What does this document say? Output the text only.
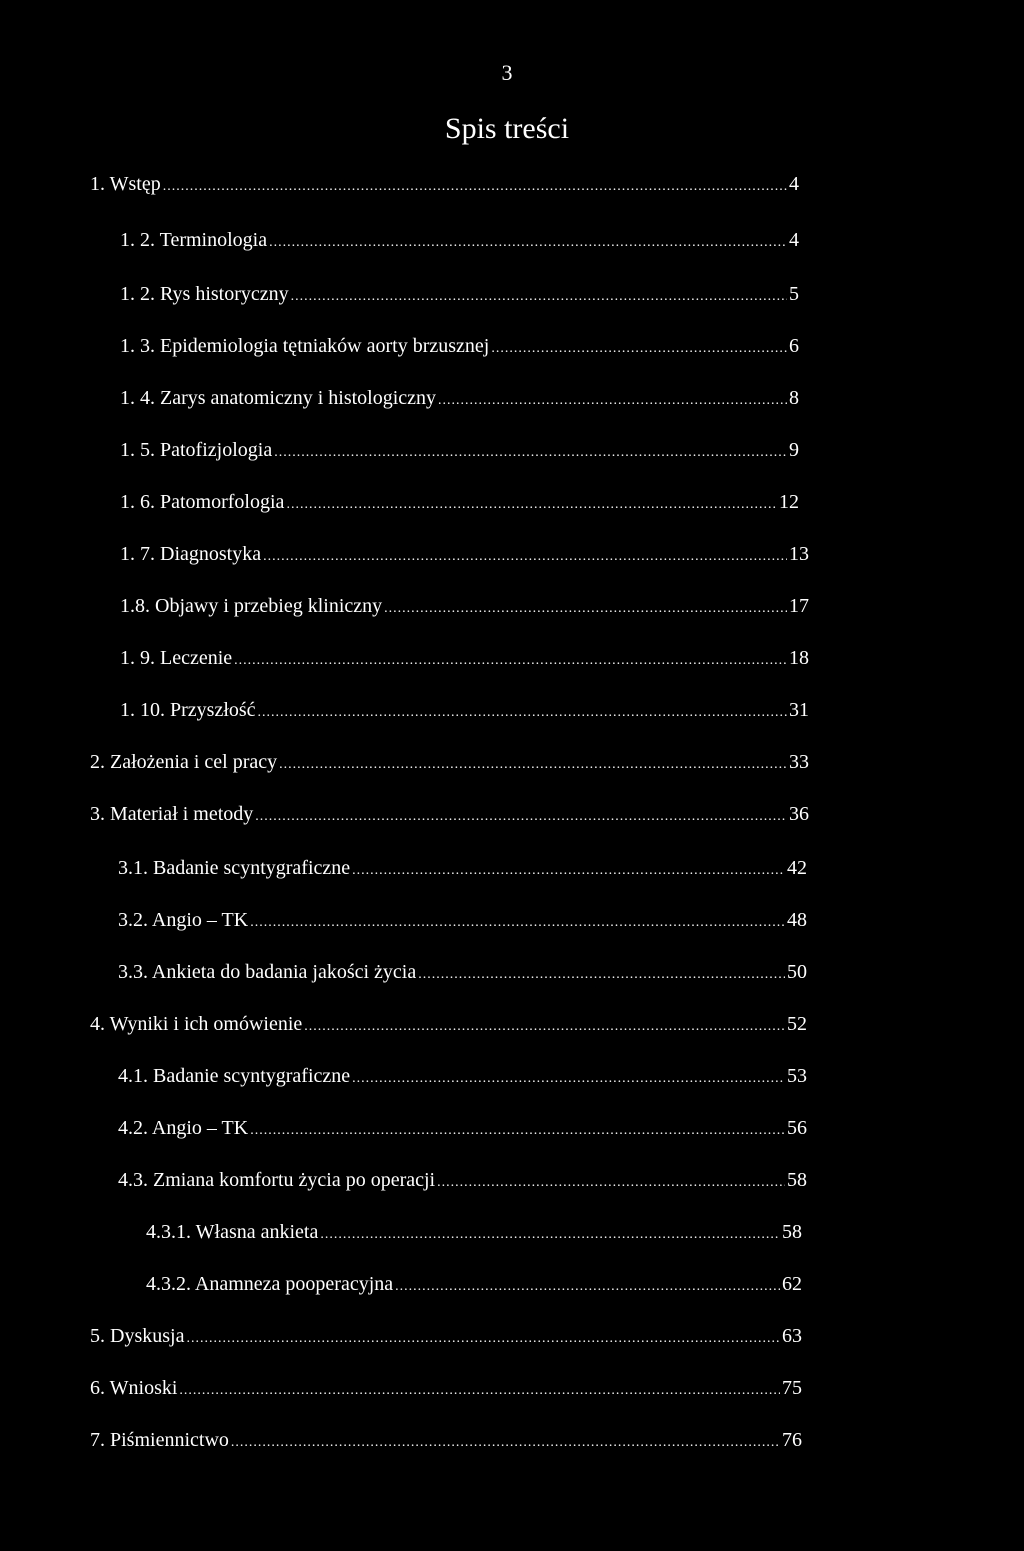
3
Spis treści
1. Wstęp .....	4
1. 2. Terminologia .....	4
1. 2. Rys historyczny .....	5
1. 3. Epidemiologia tętniaków aorty brzusznej .....	6
1. 4. Zarys anatomiczny i histologiczny .....	8
1. 5. Patofizjologia .....	9
1. 6. Patomorfologia .....	12
1. 7. Diagnostyka .....	13
1.8. Objawy i przebieg kliniczny .....	17
1. 9. Leczenie .....	18
1. 10. Przyszłość .....	31
2. Założenia i cel pracy .....	33
3. Materiał i metody .....	36
3.1. Badanie scyntygraficzne .....	42
3.2. Angio – TK .....	48
3.3. Ankieta do badania jakości życia .....	50
4. Wyniki i ich omówienie .....	52
4.1. Badanie scyntygraficzne .....	53
4.2. Angio – TK .....	56
4.3. Zmiana komfortu życia po operacji .....	58
4.3.1. Własna ankieta .....	58
4.3.2. Anamneza pooperacyjna .....	62
5. Dyskusja .....	63
6. Wnioski .....	75
7. Piśmiennictwo .....	76
